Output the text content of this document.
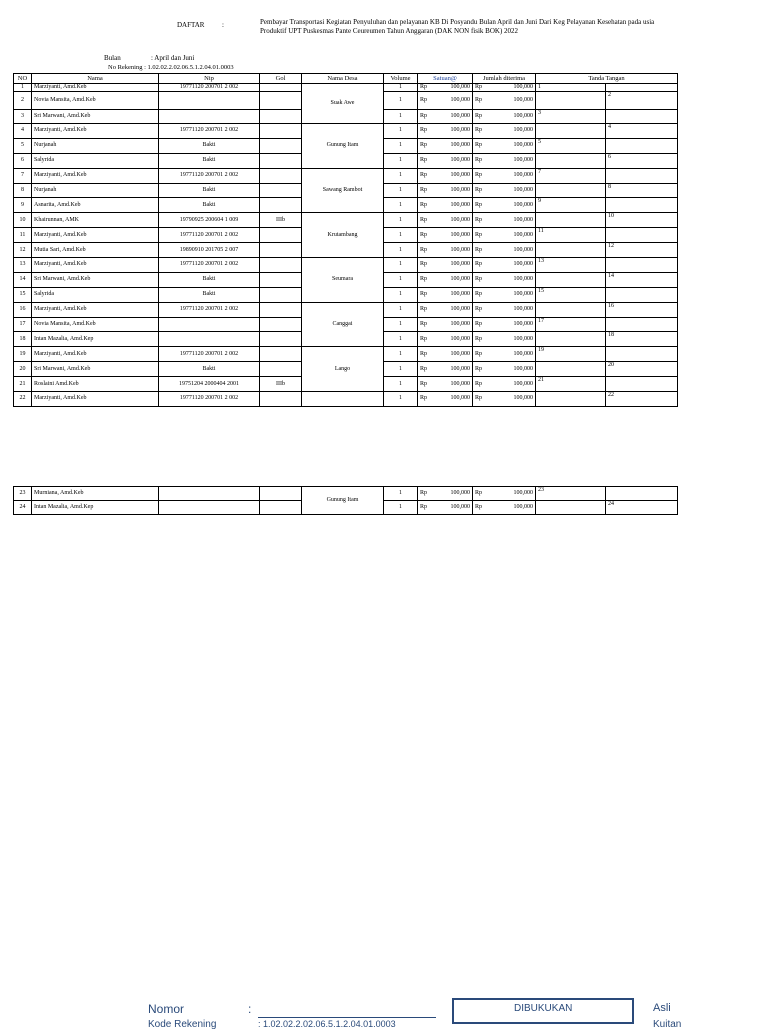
DAFTAR	:	Pembayar Transportasi Kegiatan Penyuluhan dan pelayanan KB Di Posyandu Bulan April dan Juni Dari Keg Pelayanan Kesehatan pada usia Produktif UPT Puskesmas Pante Ceureumen Tahun Anggaran (DAK NON fisik BOK) 2022
Bulan	: April dan Juni
No Rekening : 1.02.02.2.02.06.5.1.2.04.01.0003
NO	Nama	Nip	Gol	Nama Desa	Volume	Satuan@	Jumlah diterima	Tanda Tangan	
1	Marziyanti, Amd.Keb	19771120 200701 2 002		Suak Awe	1	Rp 100,000	Rp 100,000	1	
2	Novia Mansita, Amd.Keb				1	Rp 100,000	Rp 100,000		2
3	Sri Marwani, Amd.Keb				1	Rp 100,000	Rp 100,000	3	
4	Marziyanti, Amd.Keb	19771120 200701 2 002		Gunung Itam	1	Rp 100,000	Rp 100,000		4
5	Nurjanah	Bakti			1	Rp 100,000	Rp 100,000	5	
6	Salyrida	Bakti			1	Rp 100,000	Rp 100,000		6
7	Marziyanti, Amd.Keb	19771120 200701 2 002		Sawang Rambot	1	Rp 100,000	Rp 100,000	7	
8	Nurjanah	Bakti			1	Rp 100,000	Rp 100,000		8
9	Asnarita, Amd.Keb	Bakti			1	Rp 100,000	Rp 100,000	9	
10	Khairunnan, AMK	19790925 200604 1 009	IIIb	Krutambang	1	Rp 100,000	Rp 100,000		10
11	Marziyanti, Amd.Keb	19771120 200701 2 002			1	Rp 100,000	Rp 100,000	11	
12	Mutia Sari, Amd.Keb	19890910 201705 2 007			1	Rp 100,000	Rp 100,000		12
13	Marziyanti, Amd.Keb	19771120 200701 2 002		Seumara	1	Rp 100,000	Rp 100,000	13	
14	Sri Marwani, Amd.Keb	Bakti			1	Rp 100,000	Rp 100,000		14
15	Salyrida	Bakti			1	Rp 100,000	Rp 100,000	15	
16	Marziyanti, Amd.Keb	19771120 200701 2 002		Canggai	1	Rp 100,000	Rp 100,000		16
17	Novia Mansita, Amd.Keb				1	Rp 100,000	Rp 100,000	17	
18	Intan Mazalia, Amd.Kep				1	Rp 100,000	Rp 100,000		18
19	Marziyanti, Amd.Keb	19771120 200701 2 002		Lango	1	Rp 100,000	Rp 100,000	19	
20	Sri Marwani, Amd.Keb	Bakti			1	Rp 100,000	Rp 100,000		20
21	Roslaini Amd.Keb	19751204 2000404 2001	IIIb		1	Rp 100,000	Rp 100,000	21	
22	Marziyanti, Amd.Keb	19771120 200701 2 002			1	Rp 100,000	Rp 100,000		22
23	Murniana, Amd.Keb			Gunung Itam	1	Rp 100,000	Rp 100,000	23	
24	Intan Mazalia, Amd.Kep				1	Rp 100,000	Rp 100,000		24
Nomor	:	DIBUKUKAN	Asli
Kode Rekening	: 1.02.02.2.02.06.5.1.2.04.01.0003	Kuitan
